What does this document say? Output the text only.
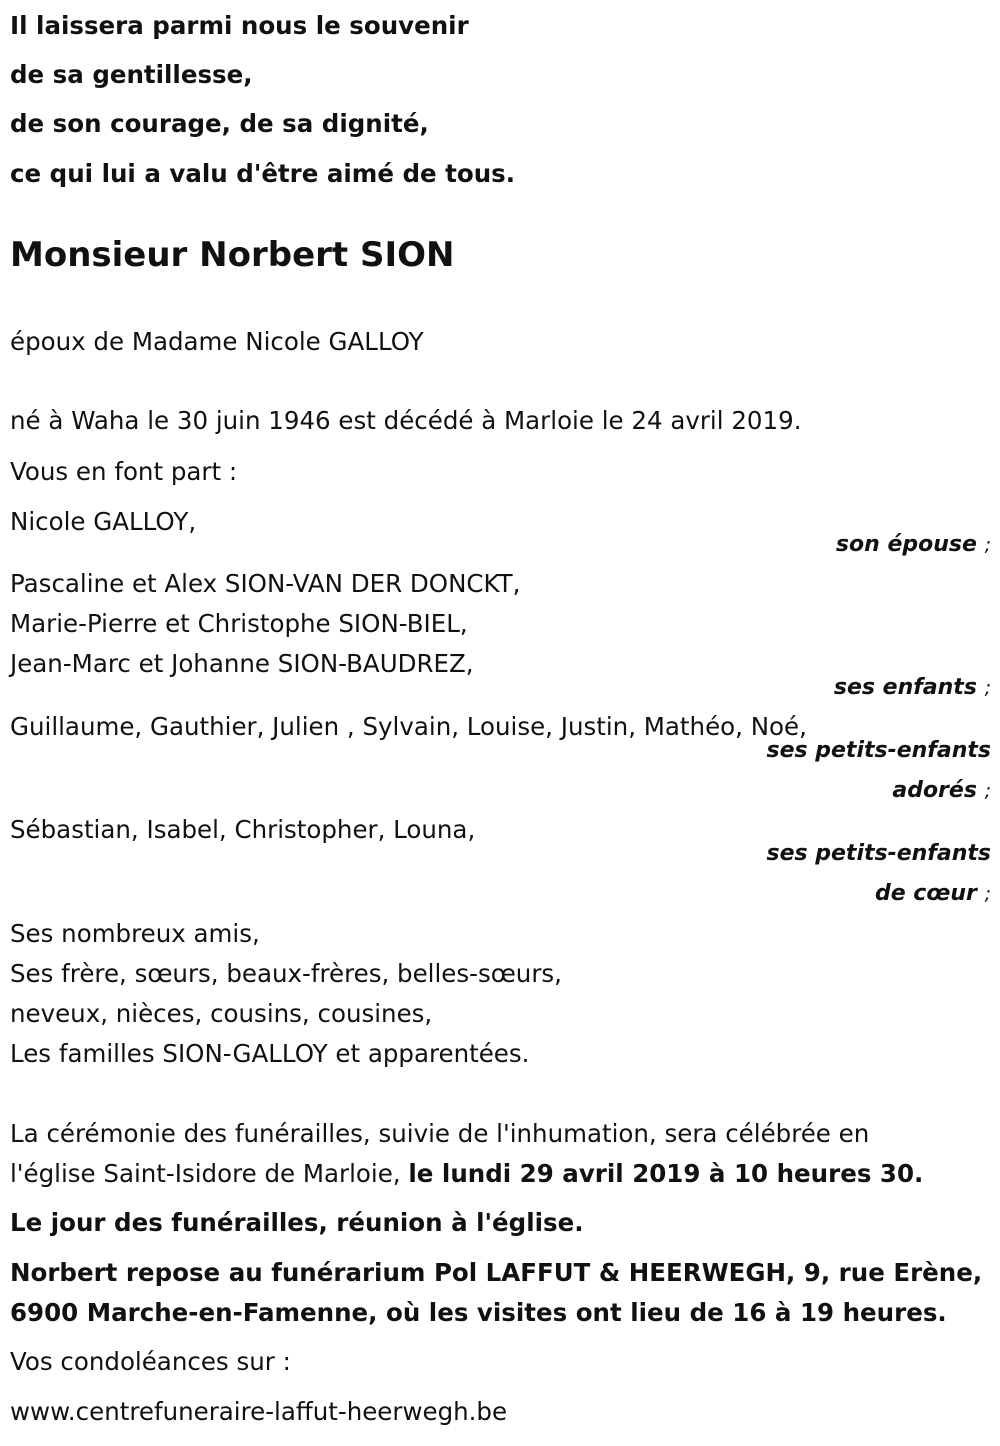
Il laissera parmi nous le souvenir
de sa gentillesse,
de son courage, de sa dignité,
ce qui lui a valu d'être aimé de tous.
Monsieur Norbert SION
époux de Madame Nicole GALLOY
né à Waha le 30 juin 1946 est décédé à Marloie le 24 avril 2019.
Vous en font part :
Nicole GALLOY,
son épouse ;
Pascaline et Alex SION-VAN DER DONCKT,
Marie-Pierre et Christophe SION-BIEL,
Jean-Marc et Johanne SION-BAUDREZ,
ses enfants ;
Guillaume, Gauthier, Julien , Sylvain, Louise, Justin, Mathéo, Noé,
ses petits-enfants
adorés ;
Sébastian, Isabel, Christopher, Louna,
ses petits-enfants
de cœur ;
Ses nombreux amis,
Ses frère, sœurs, beaux-frères, belles-sœurs,
neveux, nièces, cousins, cousines,
Les familles SION-GALLOY et apparentées.
La cérémonie des funérailles, suivie de l'inhumation, sera célébrée en
l'église Saint-Isidore de Marloie, le lundi 29 avril 2019 à 10 heures 30.
Le jour des funérailles, réunion à l'église.
Norbert repose au funérarium Pol LAFFUT & HEERWEGH, 9, rue Erène,
6900 Marche-en-Famenne, où les visites ont lieu de 16 à 19 heures.
Vos condoléances sur :
www.centrefuneraire-laffut-heerwegh.be
